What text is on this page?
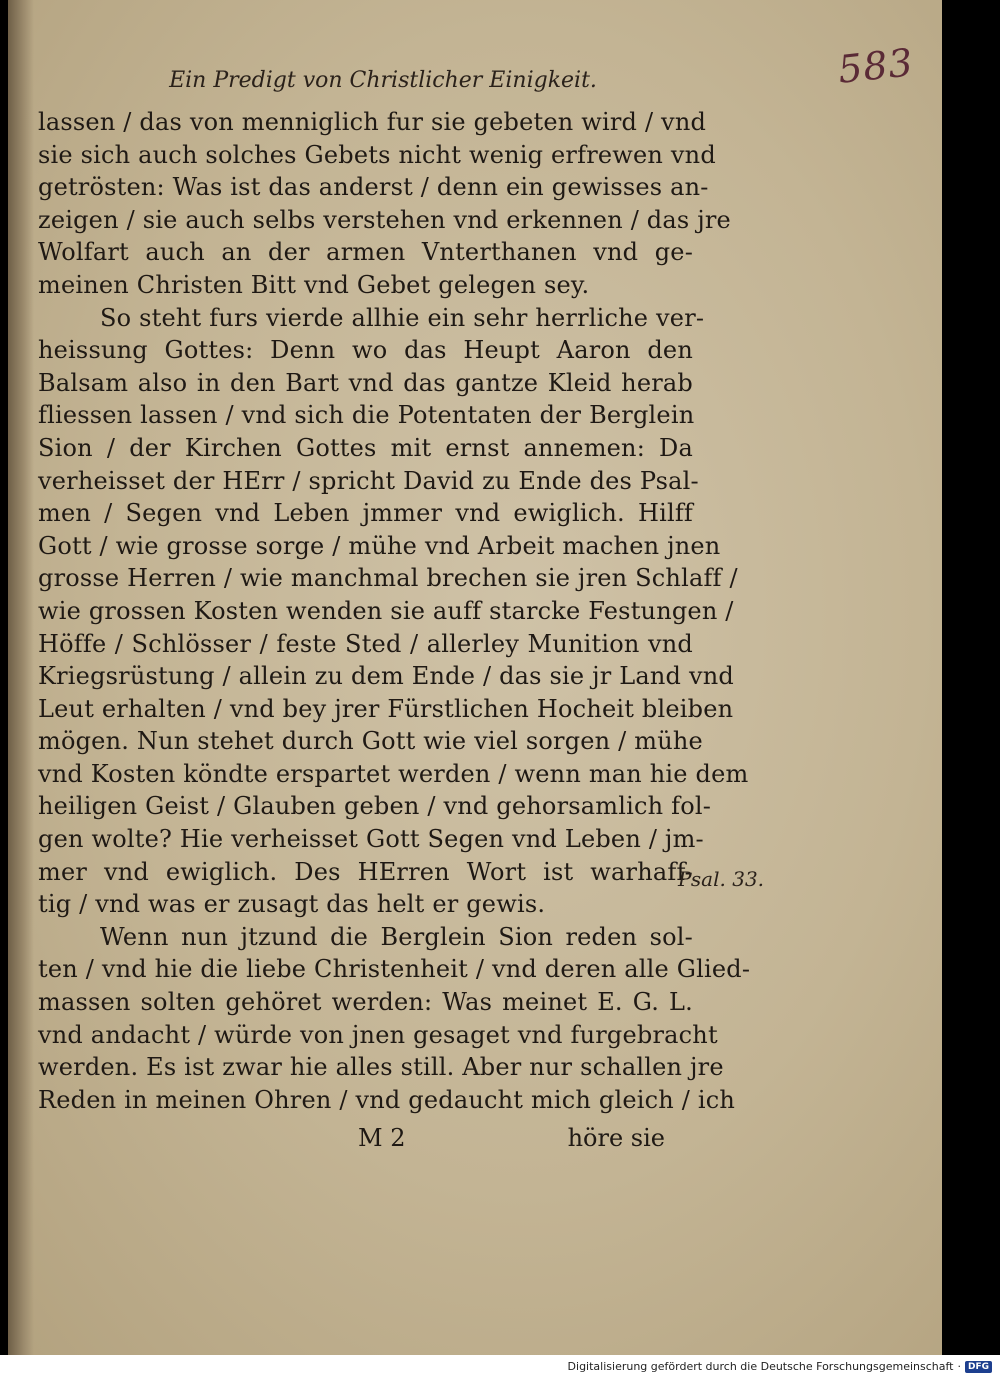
583
Ein Predigt von Christlicher Einigkeit.
lassen / das von menniglich fur sie gebeten wird / vnd
sie sich auch solches Gebets nicht wenig erfrewen vnd
getrösten: Was ist das anderst / denn ein gewisses an-
zeigen / sie auch selbs verstehen vnd erkennen / das jre
Wolfart auch an der armen Vnterthanen vnd ge-
meinen Christen Bitt vnd Gebet gelegen sey.
So steht furs vierde allhie ein sehr herrliche ver-
heissung Gottes: Denn wo das Heupt Aaron den
Balsam also in den Bart vnd das gantze Kleid herab
fliessen lassen / vnd sich die Potentaten der Berglein
Sion / der Kirchen Gottes mit ernst annemen: Da
verheisset der HErr / spricht David zu Ende des Psal-
men / Segen vnd Leben jmmer vnd ewiglich. Hilff
Gott / wie grosse sorge / mühe vnd Arbeit machen jnen
grosse Herren / wie manchmal brechen sie jren Schlaff /
wie grossen Kosten wenden sie auff starcke Festungen /
Höffe / Schlösser / feste Sted / allerley Munition vnd
Kriegsrüstung / allein zu dem Ende / das sie jr Land vnd
Leut erhalten / vnd bey jrer Fürstlichen Hocheit bleiben
mögen. Nun stehet durch Gott wie viel sorgen / mühe
vnd Kosten köndte erspartet werden / wenn man hie dem
heiligen Geist / Glauben geben / vnd gehorsamlich fol-
gen wolte? Hie verheisset Gott Segen vnd Leben / jm-
mer vnd ewiglich. Des HErren Wort ist warhaff-
tig / vnd was er zusagt das helt er gewis.
Wenn nun jtzund die Berglein Sion reden sol-
ten / vnd hie die liebe Christenheit / vnd deren alle Glied-
massen solten gehöret werden: Was meinet E. G. L.
vnd andacht / würde von jnen gesaget vnd furgebracht
werden. Es ist zwar hie alles still. Aber nur schallen jre
Reden in meinen Ohren / vnd gedaucht mich gleich / ich
Psal. 33.
M 2	höre sie
Digitalisierung gefördert durch die Deutsche Forschungsgemeinschaft · DFG
